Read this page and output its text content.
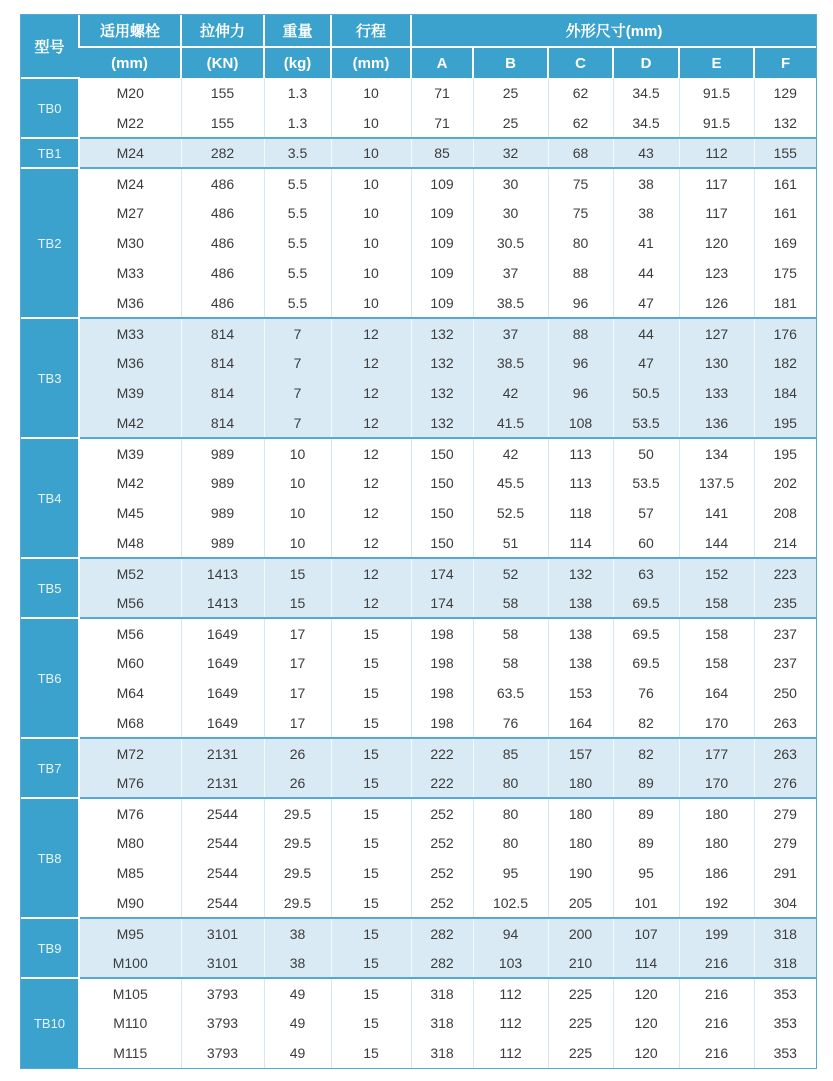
型号	适用螺栓	拉伸力	重量	行程	外形尺寸(mm)					
	(mm)	(KN)	(kg)	(mm)	A	B	C	D	E	F
TB0	M20	155	1.3	10	71	25	62	34.5	91.5	129
	M22	155	1.3	10	71	25	62	34.5	91.5	132
TB1	M24	282	3.5	10	85	32	68	43	112	155
TB2	M24	486	5.5	10	109	30	75	38	117	161
	M27	486	5.5	10	109	30	75	38	117	161
	M30	486	5.5	10	109	30.5	80	41	120	169
	M33	486	5.5	10	109	37	88	44	123	175
	M36	486	5.5	10	109	38.5	96	47	126	181
TB3	M33	814	7	12	132	37	88	44	127	176
	M36	814	7	12	132	38.5	96	47	130	182
	M39	814	7	12	132	42	96	50.5	133	184
	M42	814	7	12	132	41.5	108	53.5	136	195
TB4	M39	989	10	12	150	42	113	50	134	195
	M42	989	10	12	150	45.5	113	53.5	137.5	202
	M45	989	10	12	150	52.5	118	57	141	208
	M48	989	10	12	150	51	114	60	144	214
TB5	M52	1413	15	12	174	52	132	63	152	223
	M56	1413	15	12	174	58	138	69.5	158	235
TB6	M56	1649	17	15	198	58	138	69.5	158	237
	M60	1649	17	15	198	58	138	69.5	158	237
	M64	1649	17	15	198	63.5	153	76	164	250
	M68	1649	17	15	198	76	164	82	170	263
TB7	M72	2131	26	15	222	85	157	82	177	263
	M76	2131	26	15	222	80	180	89	170	276
TB8	M76	2544	29.5	15	252	80	180	89	180	279
	M80	2544	29.5	15	252	80	180	89	180	279
	M85	2544	29.5	15	252	95	190	95	186	291
	M90	2544	29.5	15	252	102.5	205	101	192	304
TB9	M95	3101	38	15	282	94	200	107	199	318
	M100	3101	38	15	282	103	210	114	216	318
TB10	M105	3793	49	15	318	112	225	120	216	353
	M110	3793	49	15	318	112	225	120	216	353
	M115	3793	49	15	318	112	225	120	216	353
